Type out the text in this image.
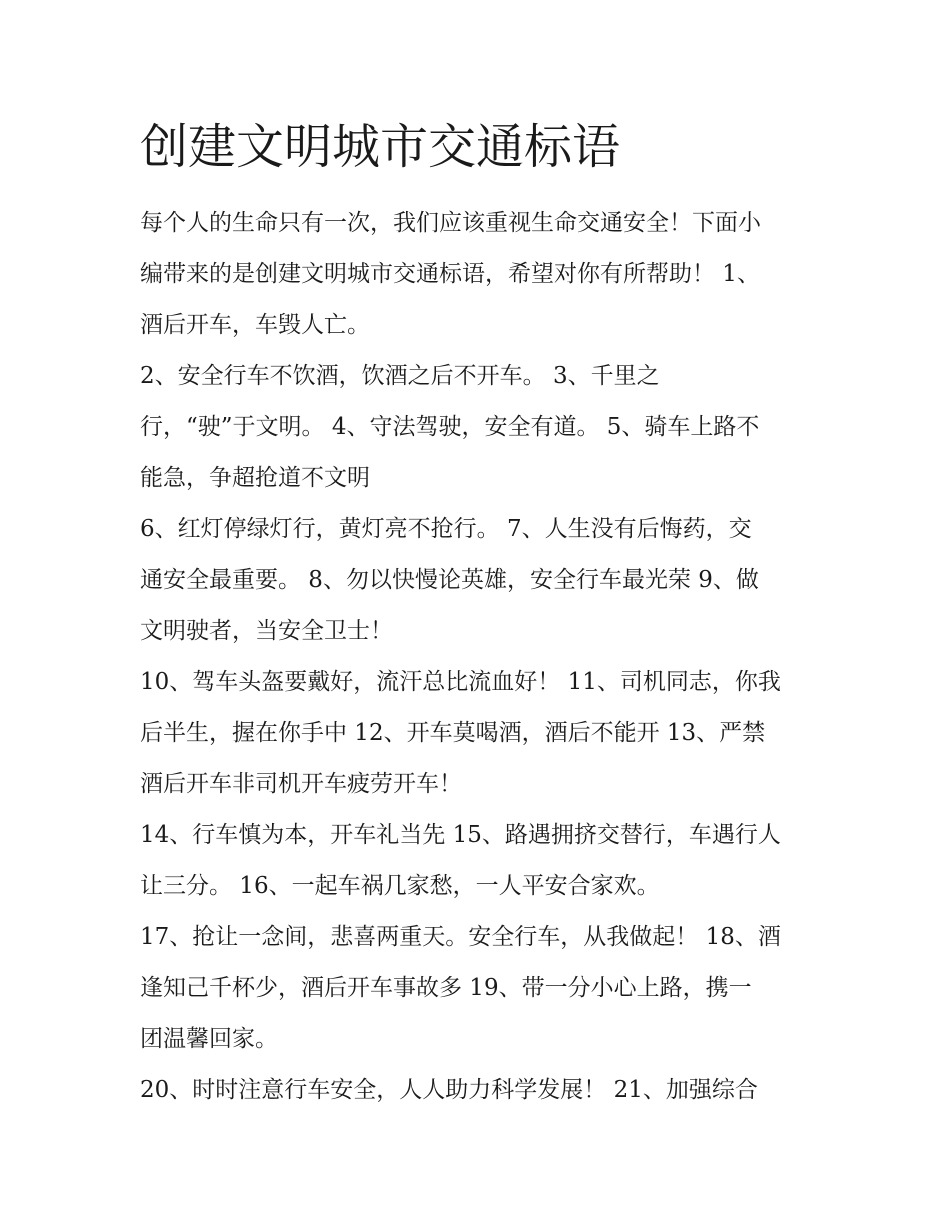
创建文明城市交通标语
每个人的生命只有一次，我们应该重视生命交通安全！下面小
编带来的是创建文明城市交通标语，希望对你有所帮助！ 1、
酒后开车，车毁人亡。
2、安全行车不饮酒，饮酒之后不开车。 3、千里之
行，“驶”于文明。 4、守法驾驶，安全有道。 5、骑车上路不
能急，争超抢道不文明
6、红灯停绿灯行，黄灯亮不抢行。 7、人生没有后悔药，交
通安全最重要。 8、勿以快慢论英雄，安全行车最光荣 9、做
文明驶者，当安全卫士！
10、驾车头盔要戴好，流汗总比流血好！ 11、司机同志，你我
后半生，握在你手中 12、开车莫喝酒，酒后不能开 13、严禁
酒后开车非司机开车疲劳开车！
14、行车慎为本，开车礼当先 15、路遇拥挤交替行，车遇行人
让三分。 16、一起车祸几家愁，一人平安合家欢。
17、抢让一念间，悲喜两重天。安全行车，从我做起！ 18、酒
逢知己千杯少，酒后开车事故多 19、带一分小心上路，携一
团温馨回家。
20、时时注意行车安全，人人助力科学发展！ 21、加强综合
